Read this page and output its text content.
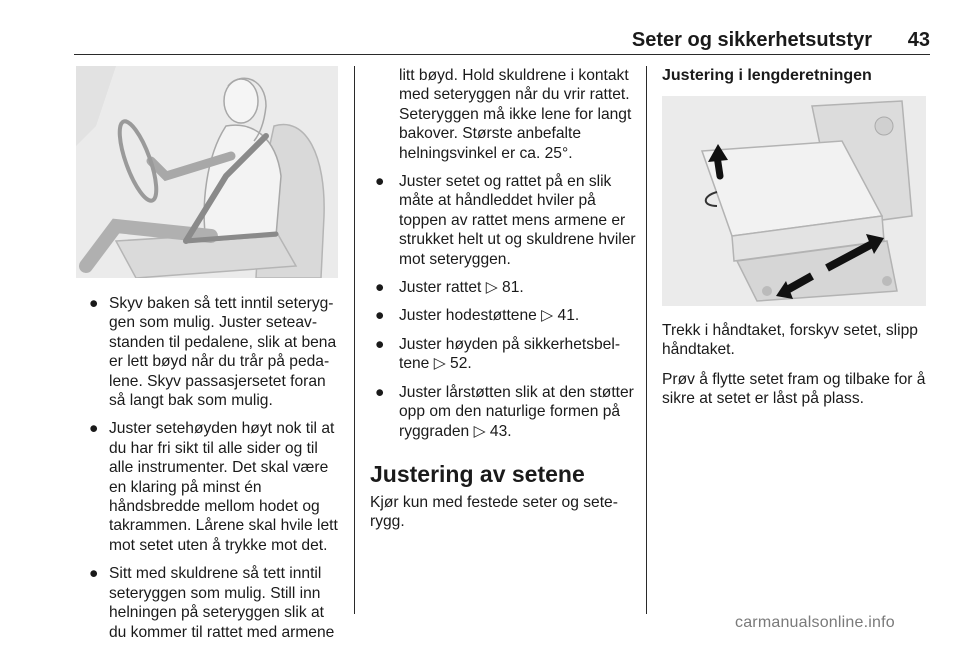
Seter og sikkerhetsutstyr 43
● Skyv baken så tett inntil seteryggen som mulig. Juster seteavstanden til pedalene, slik at bena er lett bøyd når du trår på pedalene. Skyv passasjersetet foran så langt bak som mulig.

● Juster setehøyden høyt nok til at du har fri sikt til alle sider og til alle instrumenter. Det skal være en klaring på minst én håndsbredde mellom hodet og takrammen. Lårene skal hvile lett mot setet uten å trykke mot det.

● Sitt med skuldrene så tett inntil seteryggen som mulig. Still inn helningen på seteryggen slik at du kommer til rattet med armene

litt bøyd. Hold skuldrene i kontakt med seteryggen når du vrir rattet. Seteryggen må ikke lene for langt bakover. Største anbefalte helningsvinkel er ca. 25°.

● Juster setet og rattet på en slik måte at håndleddet hviler på toppen av rattet mens armene er strukket helt ut og skuldrene hviler mot seteryggen.

● Juster rattet ▷ 81.

● Juster hodestøttene ▷ 41.

● Juster høyden på sikkerhetsbeltene ▷ 52.

● Juster lårstøtten slik at den støtter opp om den naturlige formen på ryggraden ▷ 43.

Justering av setene

Kjør kun med festede seter og seterygg.

Justering i lengderetningen

Trekk i håndtaket, forskyv setet, slipp håndtaket.

Prøv å flytte setet fram og tilbake for å sikre at setet er låst på plass.

carmanualsonline.info
